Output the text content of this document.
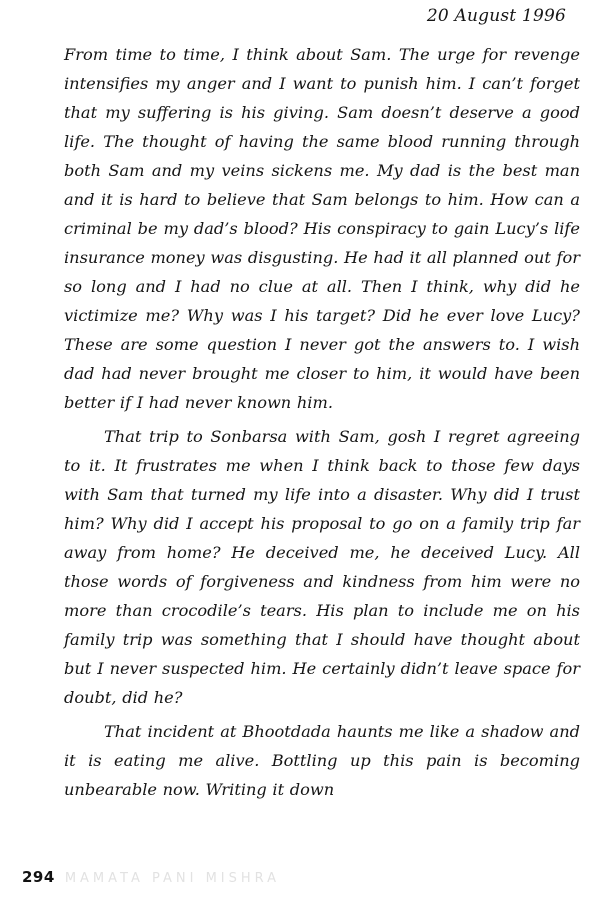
20 August 1996

From time to time, I think about Sam. The urge for revenge intensifies my anger and I want to punish him. I can’t forget that my suffering is his giving. Sam doesn’t deserve a good life. The thought of having the same blood running through both Sam and my veins sickens me. My dad is the best man and it is hard to believe that Sam belongs to him. How can a criminal be my dad’s blood? His conspiracy to gain Lucy’s life insurance money was disgusting. He had it all planned out for so long and I had no clue at all. Then I think, why did he victimize me? Why was I his target? Did he ever love Lucy? These are some question I never got the answers to. I wish dad had never brought me closer to him, it would have been better if I had never known him.

That trip to Sonbarsa with Sam, gosh I regret agreeing to it. It frustrates me when I think back to those few days with Sam that turned my life into a disaster. Why did I trust him? Why did I accept his proposal to go on a family trip far away from home? He deceived me, he deceived Lucy. All those words of forgiveness and kindness from him were no more than crocodile’s tears. His plan to include me on his family trip was something that I should have thought about but I never suspected him. He certainly didn’t leave space for doubt, did he?

That incident at Bhootdada haunts me like a shadow and it is eating me alive. Bottling up this pain is becoming unbearable now. Writing it down

294 MAMATA PANI MISHRA
